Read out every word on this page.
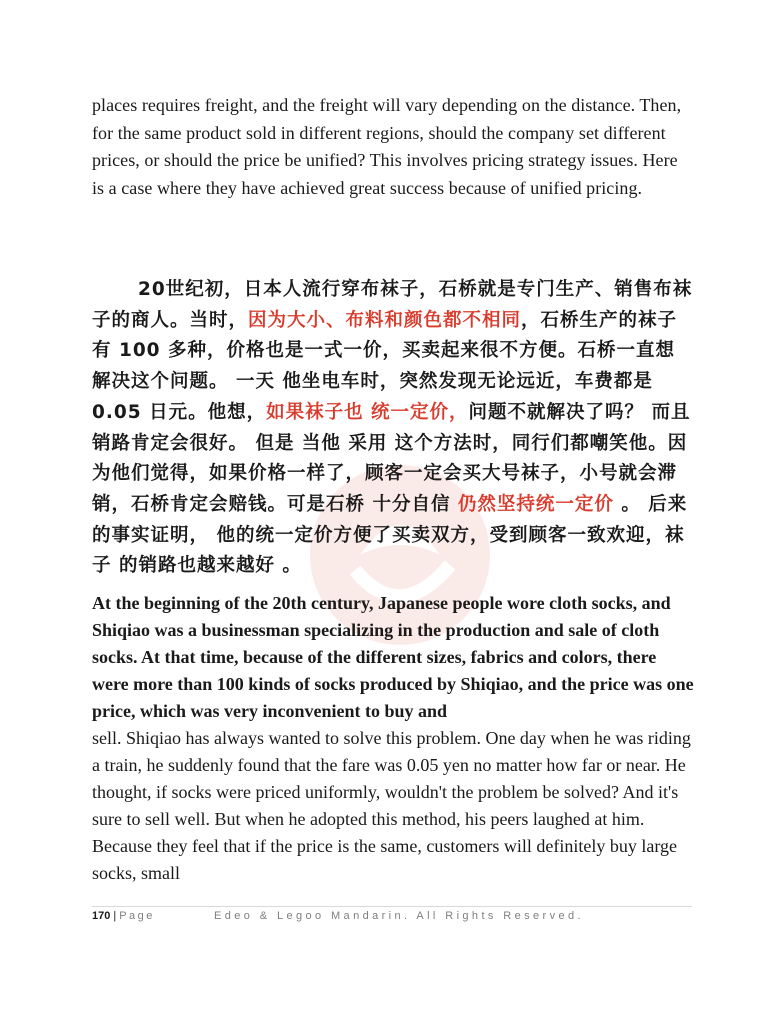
places requires freight, and the freight will vary depending on the distance. Then, for the same product sold in different regions, should the company set different prices, or should the price be unified? This involves pricing strategy issues. Here is a case where they have achieved great success because of unified pricing.

20世纪初，日本人流行穿布袜子，石桥就是专门生产、销售布袜子的商人。当时，因为大小、布料和颜色都不相同，石桥生产的袜子有 100 多种，价格也是一式一价，买卖起来很不方便。石桥一直想 解决这个问题。 一天 他坐电车时，突然发现无论远近，车费都是 0.05 日元。他想，如果袜子也 统一定价，问题不就解决了吗？ 而且销路肯定会很好。 但是 当他 采用 这个方法时，同行们都嘲笑他。因为他们觉得，如果价格一样了，顾客一定会买大号袜子，小号就会滞销，石桥肯定会赔钱。可是石桥 十分自信 仍然坚持统一定价 。 后来的事实证明， 他的统一定价方便了买卖双方，受到顾客一致欢迎，袜子 的销路也越来越好 。

At the beginning of the 20th century, Japanese people wore cloth socks, and Shiqiao was a businessman specializing in the production and sale of cloth socks. At that time, because of the different sizes, fabrics and colors, there were more than 100 kinds of socks produced by Shiqiao, and the price was one price, which was very inconvenient to buy and

sell. Shiqiao has always wanted to solve this problem. One day when he was riding a train, he suddenly found that the fare was 0.05 yen no matter how far or near. He thought, if socks were priced uniformly, wouldn't the problem be solved? And it's sure to sell well. But when he adopted this method, his peers laughed at him. Because they feel that if the price is the same, customers will definitely buy large socks, small

170 | Page	Edeo & Legoo Mandarin. All Rights Reserved.
